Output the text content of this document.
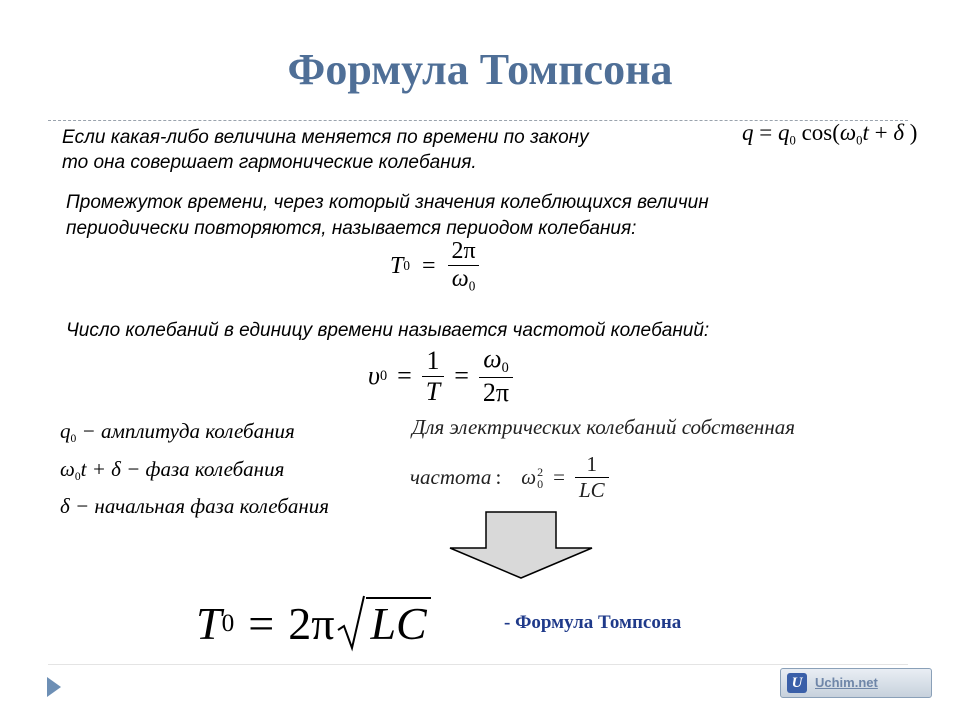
Формула Томпсона
Если какая-либо величина меняется по времени по закону
то она совершает гармонические колебания.
$q = q_0$ $\cos(\omega_0t + \delta$ )
Промежуток времени, через который значения колеблющихся величин
периодически повторяются, называется периодом колебания:
T $0 = \frac{2\pi}{\omega_0}$
Число колебаний в единицу времени называется частотой колебаний:
υ $0 = \frac{1}{T} = \frac{\omega_0}{2\pi}$
$q_0$ − амплитуда колебания
$\omega_0t + \delta$ − фаза колебания
δ − начальная фаза колебания
Для электрических колебаний собственная
частота : ω 2
$0 = \frac{1}{LC}$
T 0 = 2π LC	- Формула Томпсона
U Uchim.net
